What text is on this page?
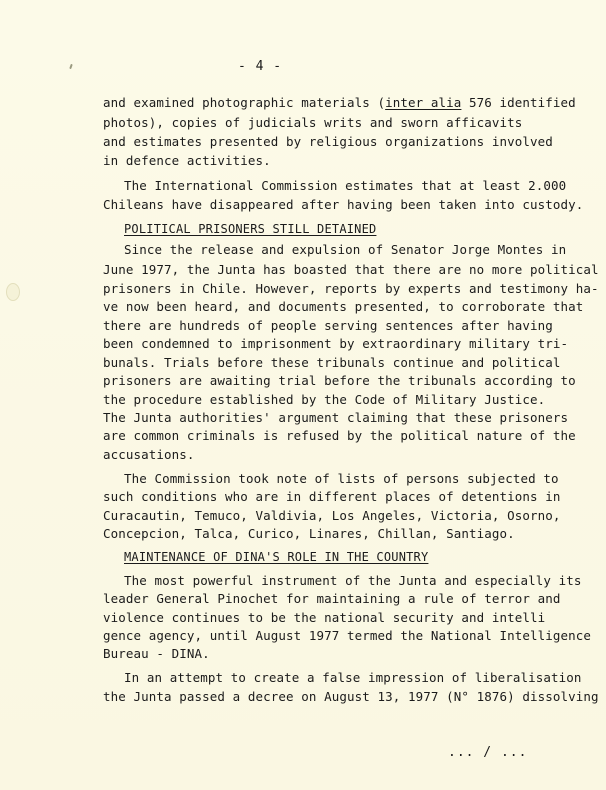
- 4 -
and examined photographic materials (inter alia 576 identified
photos), copies of judicials writs and sworn afficavits
and estimates presented by religious organizations involved
in defence activities.
The International Commission estimates that at least 2.000
Chileans have disappeared after having been taken into custody.
POLITICAL PRISONERS STILL DETAINED
Since the release and expulsion of Senator Jorge Montes in
June 1977, the Junta has boasted that there are no more political
prisoners in Chile. However, reports by experts and testimony ha-
ve now been heard, and documents presented, to corroborate that
there are hundreds of people serving sentences after having
been condemned to imprisonment by extraordinary military tri-
bunals. Trials before these tribunals continue and political
prisoners are awaiting trial before the tribunals according to
the procedure established by the Code of Military Justice.
The Junta authorities' argument claiming that these prisoners
are common criminals is refused by the political nature of the
accusations.
The Commission took note of lists of persons subjected to
such conditions who are in different places of detentions in
Curacautin, Temuco, Valdivia, Los Angeles, Victoria, Osorno,
Concepcion, Talca, Curico, Linares, Chillan, Santiago.
MAINTENANCE OF DINA'S ROLE IN THE COUNTRY
The most powerful instrument of the Junta and especially its
leader General Pinochet for maintaining a rule of terror and
violence continues to be the national security and intelli
gence agency, until August 1977 termed the National Intelligence
Bureau - DINA.
In an attempt to create a false impression of liberalisation
the Junta passed a decree on August 13, 1977 (N° 1876) dissolving
... / ...
